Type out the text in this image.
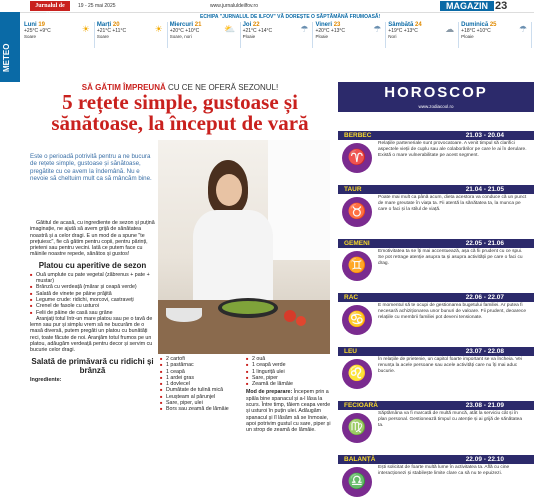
Jurnalul de Ilfov
19 - 25 mai 2025	www.jurnaluldeilfov.ro	MAGAZIN 23
METEO
ECHIPA "JURNALUL DE ILFOV" VĂ DOREȘTE O SĂPTĂMÂNĂ FRUMOASĂ!
Luni 19
+25°C +9°C
Soare
☀ Marți 20
+21°C +11°C
Soare
☀ Miercuri 21
+20°C +10°C
Soare, nori
⛅ Joi 22
+21°C +14°C
Ploaie
☂ Vineri 23
+20°C +13°C
Ploaie
☂ Sâmbătă 24
+19°C +13°C
Nori
☁ Duminică 25
+18°C +10°C
Ploaie
☂
SĂ GĂTIM ÎMPREUNĂ CU CE NE OFERĂ SEZONUL!
5 rețete simple, gustoase și sănătoase, la început de vară
Este o perioadă potrivită pentru a ne bucura de rețete simple, gustoase și sănătoase, pregătite cu ce avem la îndemână. Nu e nevoie să cheltuim mult ca să mâncăm bine.

Gătitul de acasă, cu ingrediente de sezon și puțină imaginație, ne ajută să avem grijă de sănătatea noastră și a celor dragi. E un mod de a spune "te prețuiesc", fie că gătim pentru copii, pentru părinți, prieteni sau pentru vecini. Iată ce putem face cu mâinile noastre repede, sănătos și gustos!

Platou cu aperitive de sezon
■ Ouă umplute cu pate vegetal (zăbrenus + pate + mustar)
■ Brânză cu verdeață (mărar și ceapă verde)
■ Salată de vinete pe pâine prăjită
■ Legume crude: ridichi, morcovi, castraveți
■ Crenel de fasole cu usturoi
■ Felii de pâine de casă sau grâne

Aranjați totul într-un mare platou sau pe o tavă de lemn sau pur și simplu vrem să ne bucurăm de o masă diversă, putem pregăti un platou cu bunătăți reci, toate făcute de noi. Aranjăm totul frumos pe un platou, adăugăm verdeață pentru decor și servim cu bucurie celor dragi.

Salată de primăvară cu ridichi și brânză
Ingrediente:
■ 2 cartofi
■ 1 pastârnac
■ 1 ceapă
■ 1 ardei gras
■ 1 dovlecel
■ Dumătate de tulină mică
■ Leușteam al pârunjel
■ Sare, piper, ulei
■ Bors sau zeamă de lămâie
■ 2 ouă
■ 1 ceapă verde
■ 1 linguriță ulei
■ Sare, piper
■ Zeamă de lămâie

Mod de preparare: Începem prin a spăla bine spanacul și a-l lăsa la scurs. Între timp, tăiem ceapa verde și usturoi în puțin ulei. Adăugăm spanacul și îl lăsăm să se înmoaie, apoi potrivim gustul cu sare, piper și un strop de zeamă de lămâie.

HOROSCOP
www.zodiacool.ro
BERBEC	21.03 - 20.04
♈
Relațiile parteneriale sunt provocatoare. A venit timpul să clarifici aspectele vieții de cuplu sau ale colaborărilor pe care le ai în derulare. Există o mare vulnerabilitate pe acest segment.
TAUR	21.04 - 21.05
♉
Poate mai mult ca până acum, dieta acestora va conduce că un punct de mare greutate în viața ta. Fii atentă la sănătatea ta, la munca pe care o faci și la stilul de viață.
GEMENI	22.05 - 21.06
♊
Emotivitatea ta se îți mai accentuează, așa că fii prudent cu ce spui. Se pot retrage atenție asupra ta și asupra activității pe care o faci cu drag.
RAC	22.06 - 22.07
♋
E momentul să te ocupi de gestionarea bugetului familiei. Ar putea fi necesară achiziționarea unor bunuri de valoare. Fii prudent, deoarece relațiile cu membrii familiei pot deveni tensionate.
LEU	23.07 - 22.08
♌
În relațiile de prietenie, un capitol foarte important se va încheia. Vei renunța la acele persoane sau acele activități care nu îți mai aduc bucurie.
FECIOARĂ	23.08 - 21.09
♍
Săptămâna va fi marcată de multă muncă, atât la serviciu cât și în plan personal. Gestionează timpul cu atenție și ai grijă de sănătatea ta.
BALANȚĂ	22.09 - 22.10
♎
Ești solicitat de foarte multă lume în activitatea ta. Află cu cine interacționezi și stabilește limite clare ca să nu te epuizezi.
